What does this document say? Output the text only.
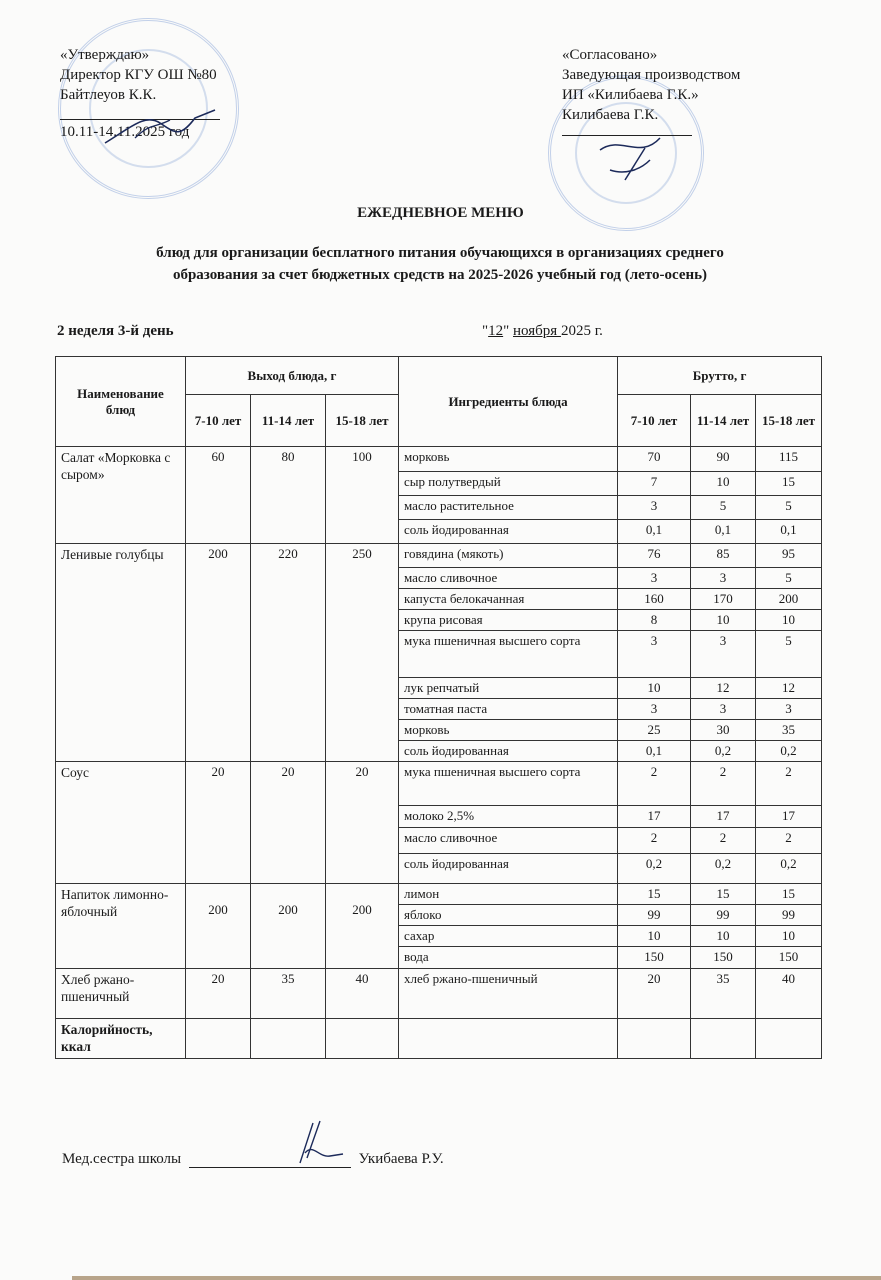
«Утверждаю»
Директор КГУ ОШ №80
Байтлеуов К.К.
10.11-14.11.2025 год
«Согласовано»
Заведующая производством
ИП «Килибаева Г.К.»
Килибаева Г.К.
ЕЖЕДНЕВНОЕ МЕНЮ
блюд для организации бесплатного питания обучающихся в организациях среднего
образования за счет бюджетных средств на 2025-2026 учебный год (лето-осень)
2 неделя 3-й день	"12" ноября 2025 г.
Наименование блюд	Выход блюда, г			Ингредиенты блюда	Брутто, г		
	7-10 лет	11-14 лет	15-18 лет		7-10 лет	11-14 лет	15-18 лет
Салат «Морковка с сыром»	60	80	100	морковь	70	90	115
				сыр полутвердый	7	10	15
				масло растительное	3	5	5
				соль йодированная	0,1	0,1	0,1
Ленивые голубцы	200	220	250	говядина (мякоть)	76	85	95
				масло сливочное	3	3	5
				капуста белокачанная	160	170	200
				крупа рисовая	8	10	10
				мука пшеничная высшего сорта	3	3	5
				лук репчатый	10	12	12
				томатная паста	3	3	3
				морковь	25	30	35
				соль йодированная	0,1	0,2	0,2
Соус	20	20	20	мука пшеничная высшего сорта	2	2	2
				молоко 2,5%	17	17	17
				масло сливочное	2	2	2
				соль йодированная	0,2	0,2	0,2
Напиток лимонно-яблочный	200	200	200	лимон	15	15	15
				яблоко	99	99	99
				сахар	10	10	10
				вода	150	150	150
Хлеб ржано-пшеничный	20	35	40	хлеб ржано-пшеничный	20	35	40
Калорийность, ккал							
Мед.сестра школы	Укибаева Р.У.
